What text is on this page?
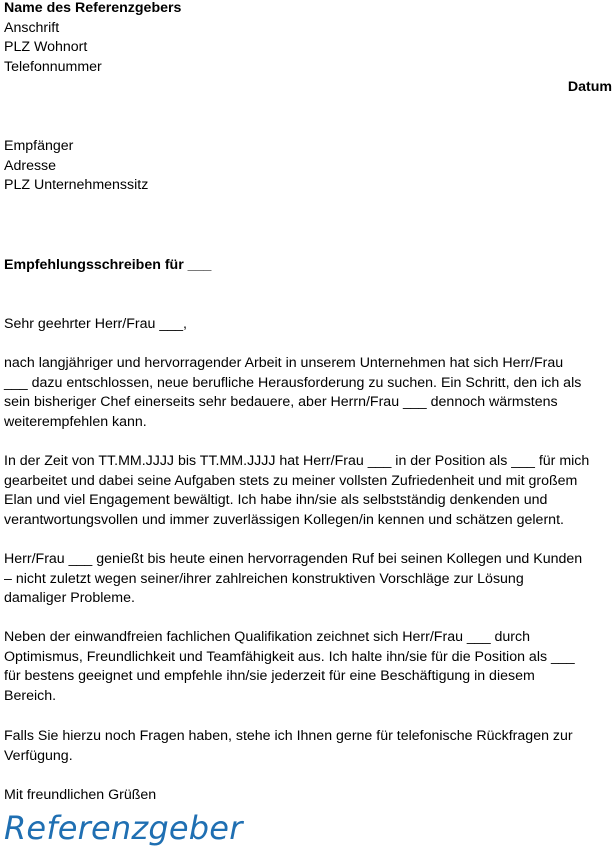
Name des Referenzgebers
Anschrift
PLZ Wohnort
Telefonnummer
Datum
Empfänger
Adresse
PLZ Unternehmenssitz
Empfehlungsschreiben für ___
Sehr geehrter Herr/Frau ___,
nach langjähriger und hervorragender Arbeit in unserem Unternehmen hat sich Herr/Frau
___ dazu entschlossen, neue berufliche Herausforderung zu suchen. Ein Schritt, den ich als
sein bisheriger Chef einerseits sehr bedauere, aber Herrn/Frau ___ dennoch wärmstens
weiterempfehlen kann.
In der Zeit von TT.MM.JJJJ bis TT.MM.JJJJ hat Herr/Frau ___ in der Position als ___ für mich
gearbeitet und dabei seine Aufgaben stets zu meiner vollsten Zufriedenheit und mit großem
Elan und viel Engagement bewältigt. Ich habe ihn/sie als selbstständig denkenden und
verantwortungsvollen und immer zuverlässigen Kollegen/in kennen und schätzen gelernt.
Herr/Frau ___ genießt bis heute einen hervorragenden Ruf bei seinen Kollegen und Kunden
– nicht zuletzt wegen seiner/ihrer zahlreichen konstruktiven Vorschläge zur Lösung
damaliger Probleme.
Neben der einwandfreien fachlichen Qualifikation zeichnet sich Herr/Frau ___ durch
Optimismus, Freundlichkeit und Teamfähigkeit aus. Ich halte ihn/sie für die Position als ___
für bestens geeignet und empfehle ihn/sie jederzeit für eine Beschäftigung in diesem
Bereich.
Falls Sie hierzu noch Fragen haben, stehe ich Ihnen gerne für telefonische Rückfragen zur
Verfügung.
Mit freundlichen Grüßen
Referenzgeber
